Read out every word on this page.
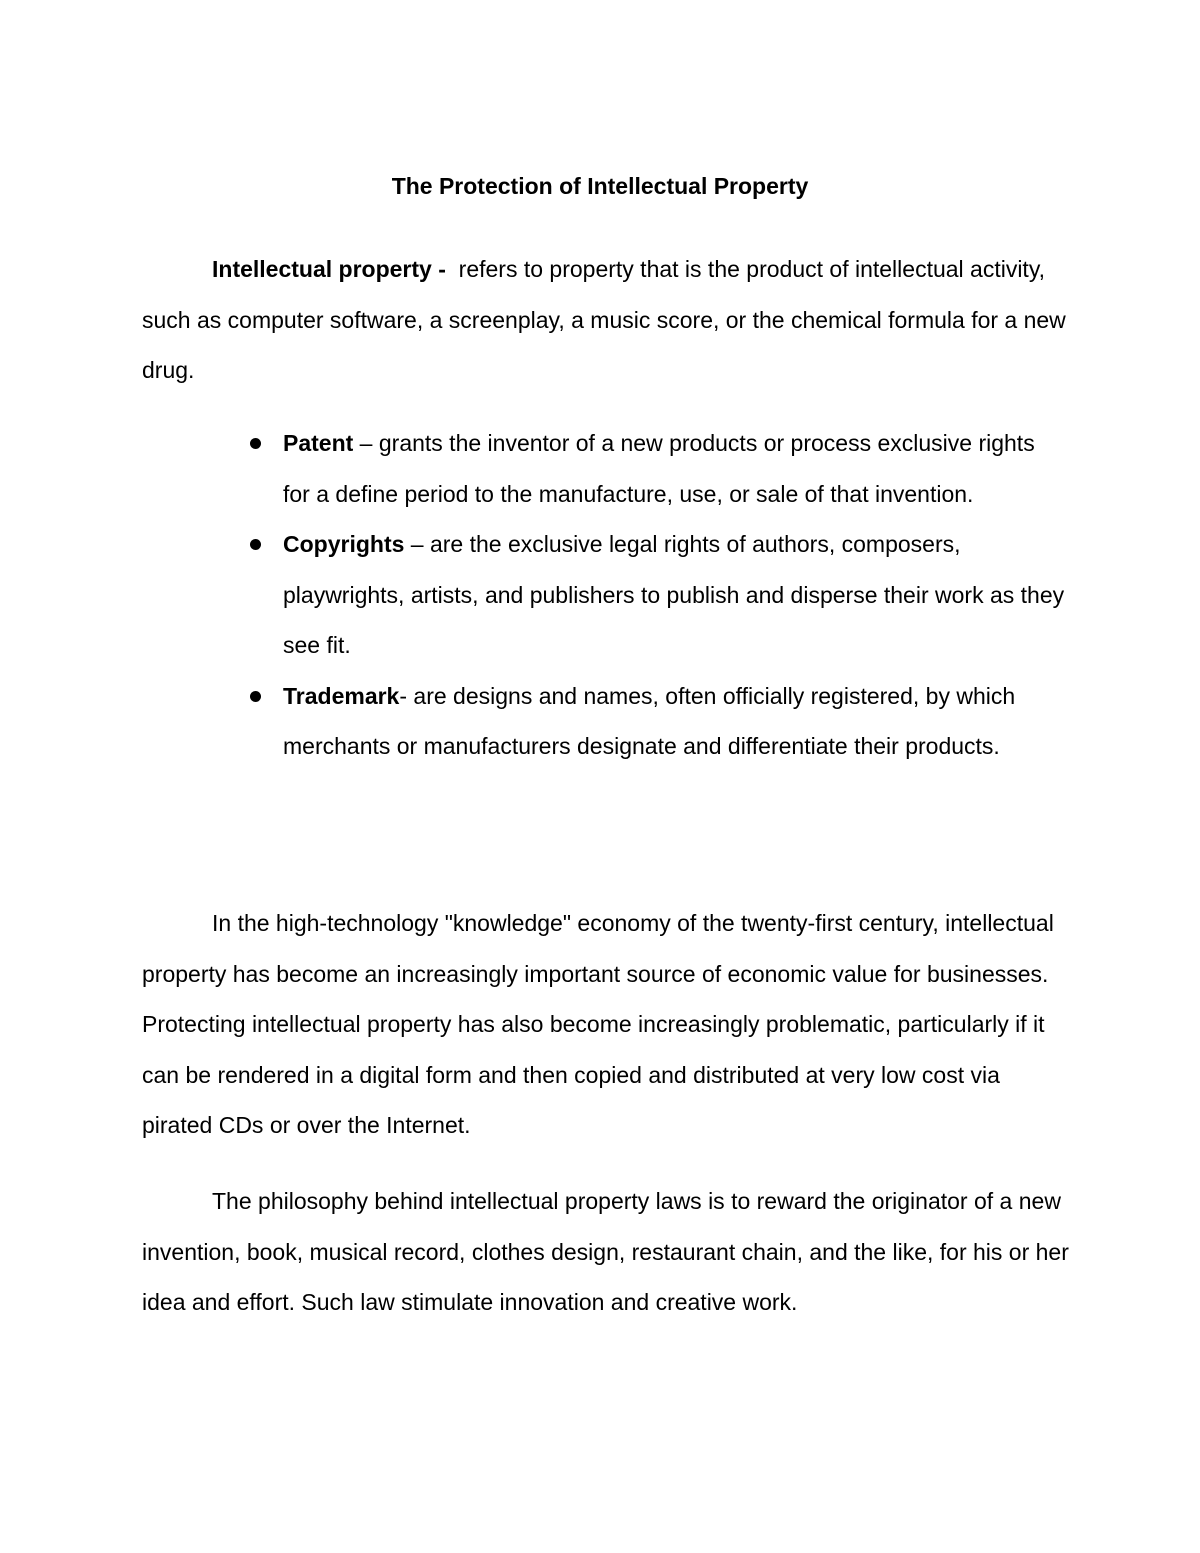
The Protection of Intellectual Property

Intellectual property - refers to property that is the product of intellectual activity, such as computer software, a screenplay, a music score, or the chemical formula for a new drug.

Patent – grants the inventor of a new products or process exclusive rights for a define period to the manufacture, use, or sale of that invention.
Copyrights – are the exclusive legal rights of authors, composers, playwrights, artists, and publishers to publish and disperse their work as they see fit.
Trademark- are designs and names, often officially registered, by which merchants or manufacturers designate and differentiate their products.

In the high-technology "knowledge" economy of the twenty-first century, intellectual property has become an increasingly important source of economic value for businesses. Protecting intellectual property has also become increasingly problematic, particularly if it can be rendered in a digital form and then copied and distributed at very low cost via pirated CDs or over the Internet.

The philosophy behind intellectual property laws is to reward the originator of a new invention, book, musical record, clothes design, restaurant chain, and the like, for his or her idea and effort. Such law stimulate innovation and creative work.
